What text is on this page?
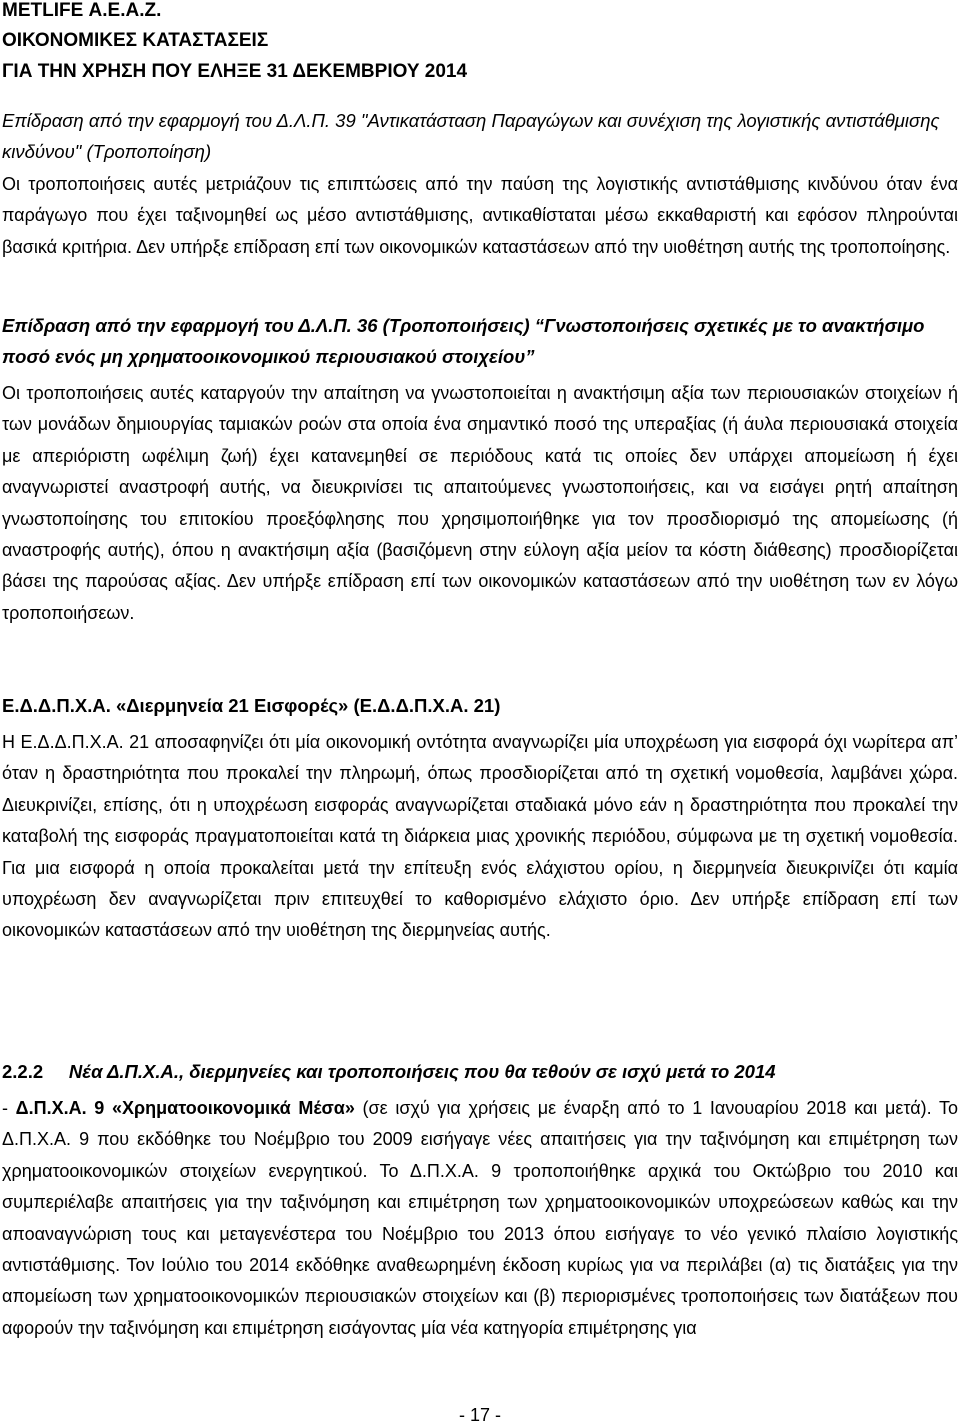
METLIFE Α.Ε.Α.Ζ.
ΟΙΚΟΝΟΜΙΚΕΣ ΚΑΤΑΣΤΑΣΕΙΣ
ΓΙΑ ΤΗΝ ΧΡΗΣΗ ΠΟΥ ΕΛΗΞΕ 31 ΔΕΚΕΜΒΡΙΟΥ 2014

Επίδραση από την εφαρμογή του Δ.Λ.Π. 39 "Αντικατάσταση Παραγώγων και συνέχιση της λογιστικής αντιστάθμισης κινδύνου" (Τροποποίηση)

Οι τροποποιήσεις αυτές μετριάζουν τις επιπτώσεις από την παύση της λογιστικής αντιστάθμισης κινδύνου όταν ένα παράγωγο που έχει ταξινομηθεί ως μέσο αντιστάθμισης, αντικαθίσταται μέσω εκκαθαριστή και εφόσον πληρούνται βασικά κριτήρια. Δεν υπήρξε επίδραση επί των οικονομικών καταστάσεων από την υιοθέτηση αυτής της τροποποίησης.

Επίδραση από την εφαρμογή του Δ.Λ.Π. 36 (Τροποποιήσεις) “Γνωστοποιήσεις σχετικές με το ανακτήσιμο ποσό ενός μη χρηματοοικονομικού περιουσιακού στοιχείου”

Οι τροποποιήσεις αυτές καταργούν την απαίτηση να γνωστοποιείται η ανακτήσιμη αξία των περιουσιακών στοιχείων ή των μονάδων δημιουργίας ταμιακών ροών στα οποία ένα σημαντικό ποσό της υπεραξίας (ή άυλα περιουσιακά στοιχεία με απεριόριστη ωφέλιμη ζωή) έχει κατανεμηθεί σε περιόδους κατά τις οποίες δεν υπάρχει απομείωση ή έχει αναγνωριστεί αναστροφή αυτής, να διευκρινίσει τις απαιτούμενες γνωστοποιήσεις, και να εισάγει ρητή απαίτηση γνωστοποίησης του επιτοκίου προεξόφλησης που χρησιμοποιήθηκε για τον προσδιορισμό της απομείωσης (ή αναστροφής αυτής), όπου η ανακτήσιμη αξία (βασιζόμενη στην εύλογη αξία μείον τα κόστη διάθεσης) προσδιορίζεται βάσει της παρούσας αξίας. Δεν υπήρξε επίδραση επί των οικονομικών καταστάσεων από την υιοθέτηση των εν λόγω τροποποιήσεων.

Ε.Δ.Δ.Π.Χ.Α. «Διερμηνεία 21 Εισφορές» (Ε.Δ.Δ.Π.Χ.Α. 21)

Η Ε.Δ.Δ.Π.Χ.Α. 21 αποσαφηνίζει ότι μία οικονομική οντότητα αναγνωρίζει μία υποχρέωση για εισφορά όχι νωρίτερα απ’ όταν η δραστηριότητα που προκαλεί την πληρωμή, όπως προσδιορίζεται από τη σχετική νομοθεσία, λαμβάνει χώρα. Διευκρινίζει, επίσης, ότι η υποχρέωση εισφοράς αναγνωρίζεται σταδιακά μόνο εάν η δραστηριότητα που προκαλεί την καταβολή της εισφοράς πραγματοποιείται κατά τη διάρκεια μιας χρονικής περιόδου, σύμφωνα με τη σχετική νομοθεσία. Για μια εισφορά η οποία προκαλείται μετά την επίτευξη ενός ελάχιστου ορίου, η διερμηνεία διευκρινίζει ότι καμία υποχρέωση δεν αναγνωρίζεται πριν επιτευχθεί το καθορισμένο ελάχιστο όριο. Δεν υπήρξε επίδραση επί των οικονομικών καταστάσεων από την υιοθέτηση της διερμηνείας αυτής.

2.2.2 Νέα Δ.Π.Χ.Α., διερμηνείες και τροποποιήσεις που θα τεθούν σε ισχύ μετά το 2014

- Δ.Π.Χ.Α. 9 «Χρηματοοικονομικά Μέσα» (σε ισχύ για χρήσεις με έναρξη από το 1 Ιανουαρίου 2018 και μετά). Το Δ.Π.Χ.Α. 9 που εκδόθηκε του Νοέμβριο του 2009 εισήγαγε νέες απαιτήσεις για την ταξινόμηση και επιμέτρηση των χρηματοοικονομικών στοιχείων ενεργητικού. Το Δ.Π.Χ.Α. 9 τροποποιήθηκε αρχικά του Οκτώβριο του 2010 και συμπεριέλαβε απαιτήσεις για την ταξινόμηση και επιμέτρηση των χρηματοοικονομικών υποχρεώσεων καθώς και την αποαναγνώριση τους και μεταγενέστερα του Νοέμβριο του 2013 όπου εισήγαγε το νέο γενικό πλαίσιο λογιστικής αντιστάθμισης. Τον Ιούλιο του 2014 εκδόθηκε αναθεωρημένη έκδοση κυρίως για να περιλάβει (α) τις διατάξεις για την απομείωση των χρηματοοικονομικών περιουσιακών στοιχείων και (β) περιορισμένες τροποποιήσεις των διατάξεων που αφορούν την ταξινόμηση και επιμέτρηση εισάγοντας μία νέα κατηγορία επιμέτρησης για

- 17 -
